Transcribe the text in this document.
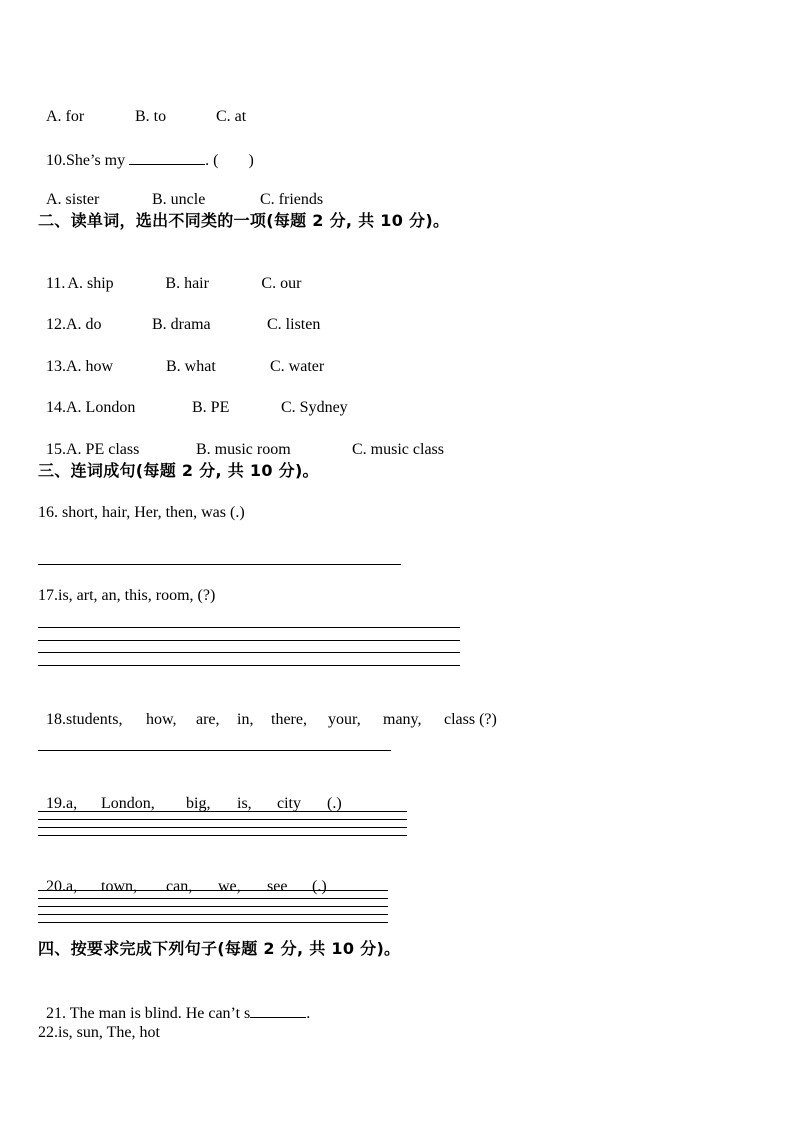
A. for	B. to	C. at

10.She’s my	. ( )

A. sister	B. uncle	C. friends

二、读单词，选出不同类的一项(每题 2 分, 共 10 分)。

11. A. ship	B. hair	C. our

12.A. do	B. drama	C. listen

13.A. how	B. what	C. water

14.A. London	B. PE	C. Sydney

15.A. PE class	B. music room	C. music class

三、连词成句(每题 2 分, 共 10 分)。
16. short, hair, Her, then, was (.)
17.is, art, an, this, room, (?)

18.students, how, are, in, there, your, many, class (?)

19.a, London, big, is, city (.)

20.a, town, can, we, see (.)

四、按要求完成下列句子(每题 2 分, 共 10 分)。

21. The man is blind. He can’t s	.

22.is, sun, The, hot
